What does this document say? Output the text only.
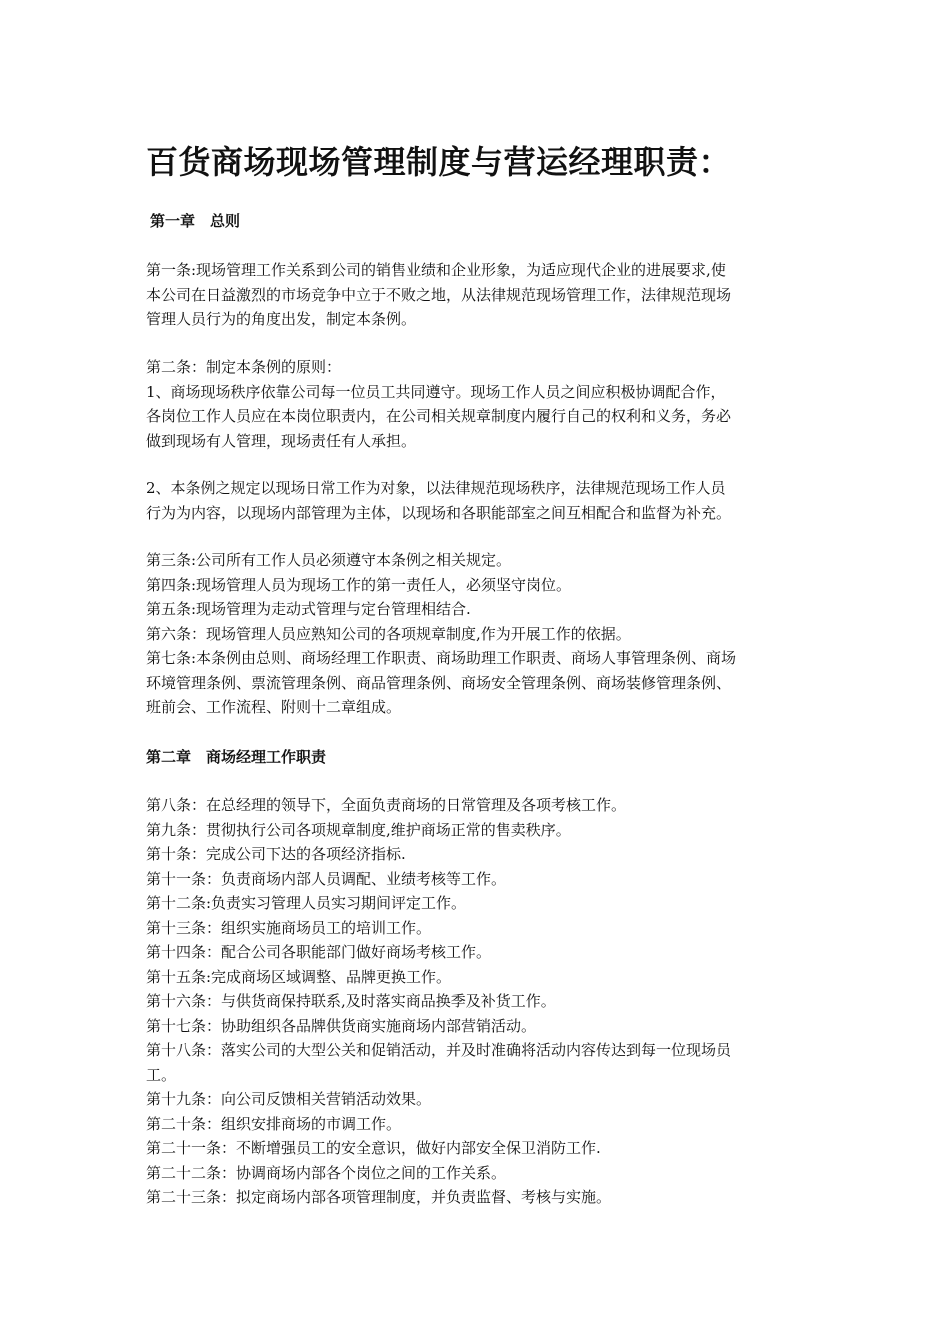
百货商场现场管理制度与营运经理职责：

第一章　总则

第一条:现场管理工作关系到公司的销售业绩和企业形象，为适应现代企业的进展要求,使
本公司在日益激烈的市场竞争中立于不败之地，从法律规范现场管理工作，法律规范现场
管理人员行为的角度出发，制定本条例。
第二条：制定本条例的原则：
1、商场现场秩序依靠公司每一位员工共同遵守。现场工作人员之间应积极协调配合作，
各岗位工作人员应在本岗位职责内，在公司相关规章制度内履行自己的权利和义务，务必
做到现场有人管理，现场责任有人承担。
2、本条例之规定以现场日常工作为对象，以法律规范现场秩序，法律规范现场工作人员
行为为内容，以现场内部管理为主体，以现场和各职能部室之间互相配合和监督为补充。
第三条:公司所有工作人员必须遵守本条例之相关规定。
第四条:现场管理人员为现场工作的第一责任人，必须坚守岗位。
第五条:现场管理为走动式管理与定台管理相结合.
第六条：现场管理人员应熟知公司的各项规章制度,作为开展工作的依据。
第七条:本条例由总则、商场经理工作职责、商场助理工作职责、商场人事管理条例、商场
环境管理条例、票流管理条例、商品管理条例、商场安全管理条例、商场装修管理条例、
班前会、工作流程、附则十二章组成。

第二章　商场经理工作职责

第八条：在总经理的领导下，全面负责商场的日常管理及各项考核工作。
第九条：贯彻执行公司各项规章制度,维护商场正常的售卖秩序。
第十条：完成公司下达的各项经济指标.
第十一条：负责商场内部人员调配、业绩考核等工作。
第十二条:负责实习管理人员实习期间评定工作。
第十三条：组织实施商场员工的培训工作。
第十四条：配合公司各职能部门做好商场考核工作。
第十五条:完成商场区域调整、品牌更换工作。
第十六条：与供货商保持联系,及时落实商品换季及补货工作。
第十七条：协助组织各品牌供货商实施商场内部营销活动。
第十八条：落实公司的大型公关和促销活动，并及时准确将活动内容传达到每一位现场员
工。
第十九条：向公司反馈相关营销活动效果。
第二十条：组织安排商场的市调工作。
第二十一条：不断增强员工的安全意识，做好内部安全保卫消防工作.
第二十二条：协调商场内部各个岗位之间的工作关系。
第二十三条：拟定商场内部各项管理制度，并负责监督、考核与实施。
